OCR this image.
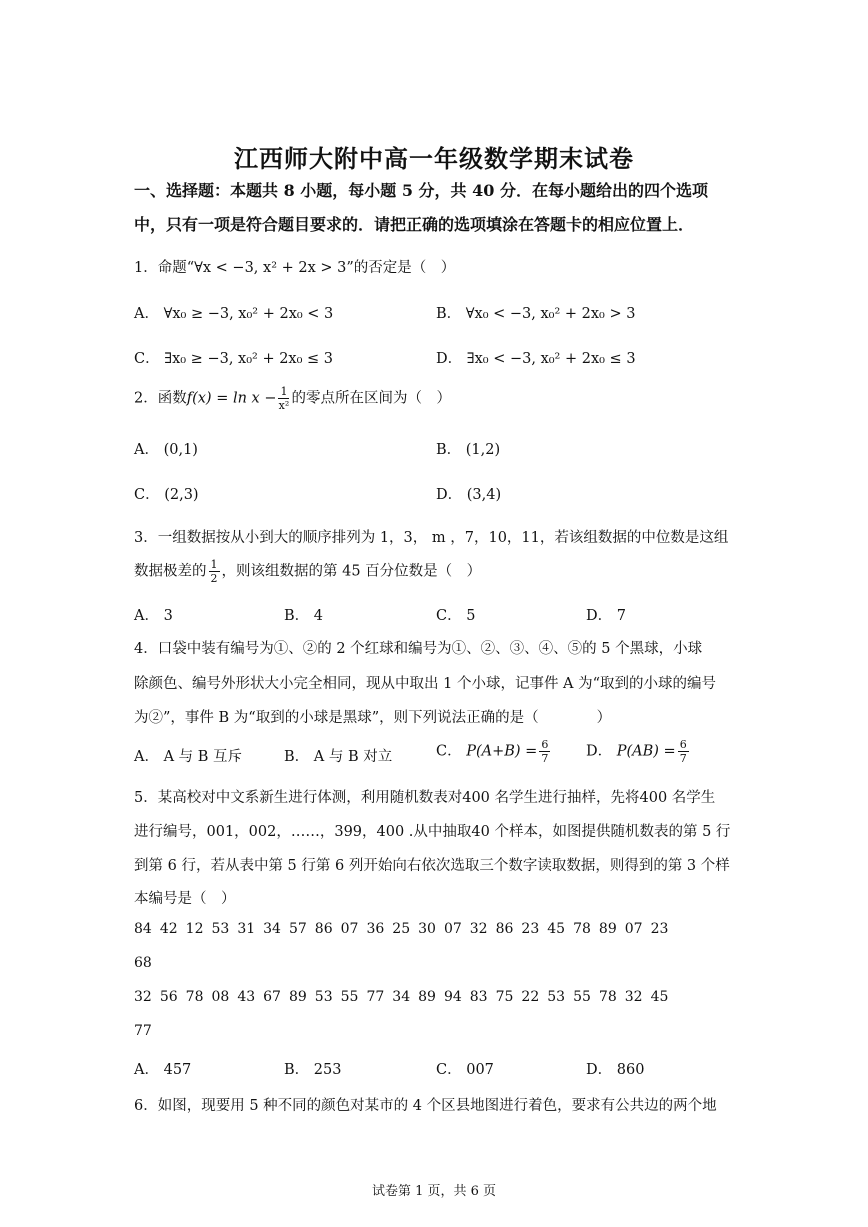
江西师大附中高一年级数学期末试卷
一、选择题：本题共 8 小题，每小题 5 分，共 40 分．在每小题给出的四个选项
中，只有一项是符合题目要求的．请把正确的选项填涂在答题卡的相应位置上．
1．命题“∀x < −3, x² + 2x > 3”的否定是（　）
A． ∀x₀ ≥ −3, x₀² + 2x₀ < 3	B． ∀x₀ < −3, x₀² + 2x₀ > 3
C． ∃x₀ ≥ −3, x₀² + 2x₀ ≤ 3	D． ∃x₀ < −3, x₀² + 2x₀ ≤ 3
2．函数$f(x) = \ln x - \frac{1}{\text{x²}}$ 的零点所在区间为（　）
A． (0,1)	B． (1,2)
C． (2,3)	D． (3,4)
3．一组数据按从小到大的顺序排列为 1，3， m ，7，10，11，若该组数据的中位数是这组
数据极差的 $\frac{1}{2}$ ，则该组数据的第 45 百分位数是（　）
A． 3	B． 4	C． 5	D． 7
4．口袋中装有编号为①、②的 2 个红球和编号为①、②、③、④、⑤的 5 个黑球，小球
除颜色、编号外形状大小完全相同，现从中取出 1 个小球，记事件 A 为“取到的小球的编号
为②”，事件 B 为“取到的小球是黑球”，则下列说法正确的是（　　　　）
A． A 与 B 互斥	B． A 与 B 对立	C． $P(A+B) = \frac{6}{7}$ D． $P(AB) = \frac{6}{7}$
5．某高校对中文系新生进行体测，利用随机数表对400 名学生进行抽样，先将400 名学生
进行编号，001，002，……，399，400 .从中抽取40 个样本，如图提供随机数表的第 5 行
到第 6 行，若从表中第 5 行第 6 列开始向右依次选取三个数字读取数据，则得到的第 3 个样
本编号是（　）
84 42 12 53 31 34 57 86 07 36 25 30 07 32 86 23 45 78 89 07 23
68
32 56 78 08 43 67 89 53 55 77 34 89 94 83 75 22 53 55 78 32 45
77
A． 457	B． 253	C． 007	D． 860
6．如图，现要用 5 种不同的颜色对某市的 4 个区县地图进行着色，要求有公共边的两个地
试卷第 1 页，共 6 页
